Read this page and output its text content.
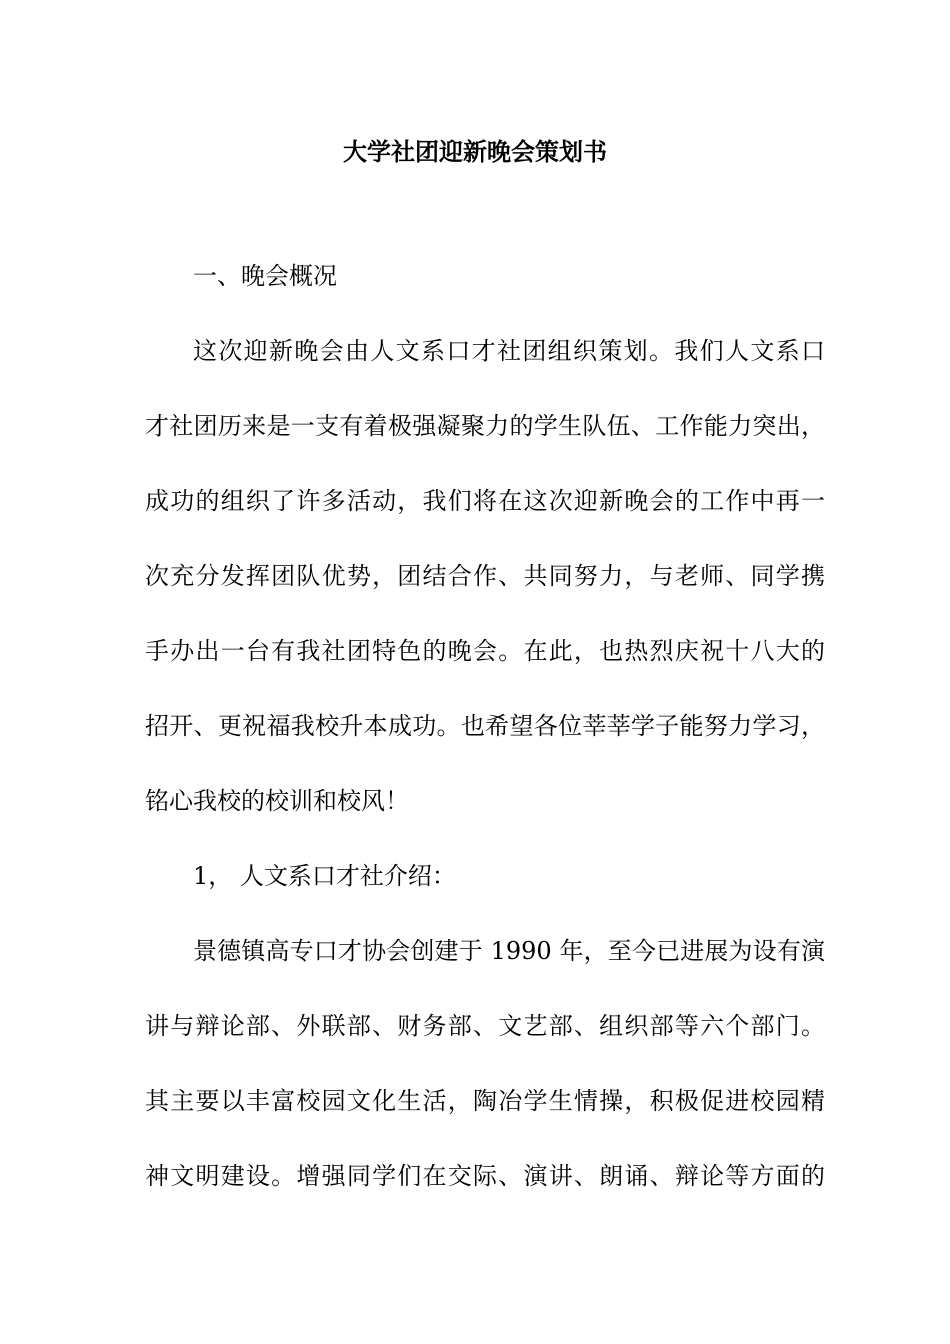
大学社团迎新晚会策划书
一、晚会概况
这次迎新晚会由人文系口才社团组织策划。我们人文系口
才社团历来是一支有着极强凝聚力的学生队伍、工作能力突出，
成功的组织了许多活动，我们将在这次迎新晚会的工作中再一
次充分发挥团队优势，团结合作、共同努力，与老师、同学携
手办出一台有我社团特色的晚会。在此，也热烈庆祝十八大的
招开、更祝福我校升本成功。也希望各位莘莘学子能努力学习，
铭心我校的校训和校风！
1， 人文系口才社介绍：
景德镇高专口才协会创建于 1990 年，至今已进展为设有演
讲与辩论部、外联部、财务部、文艺部、组织部等六个部门。
其主要以丰富校园文化生活，陶冶学生情操，积极促进校园精
神文明建设。增强同学们在交际、演讲、朗诵、辩论等方面的
